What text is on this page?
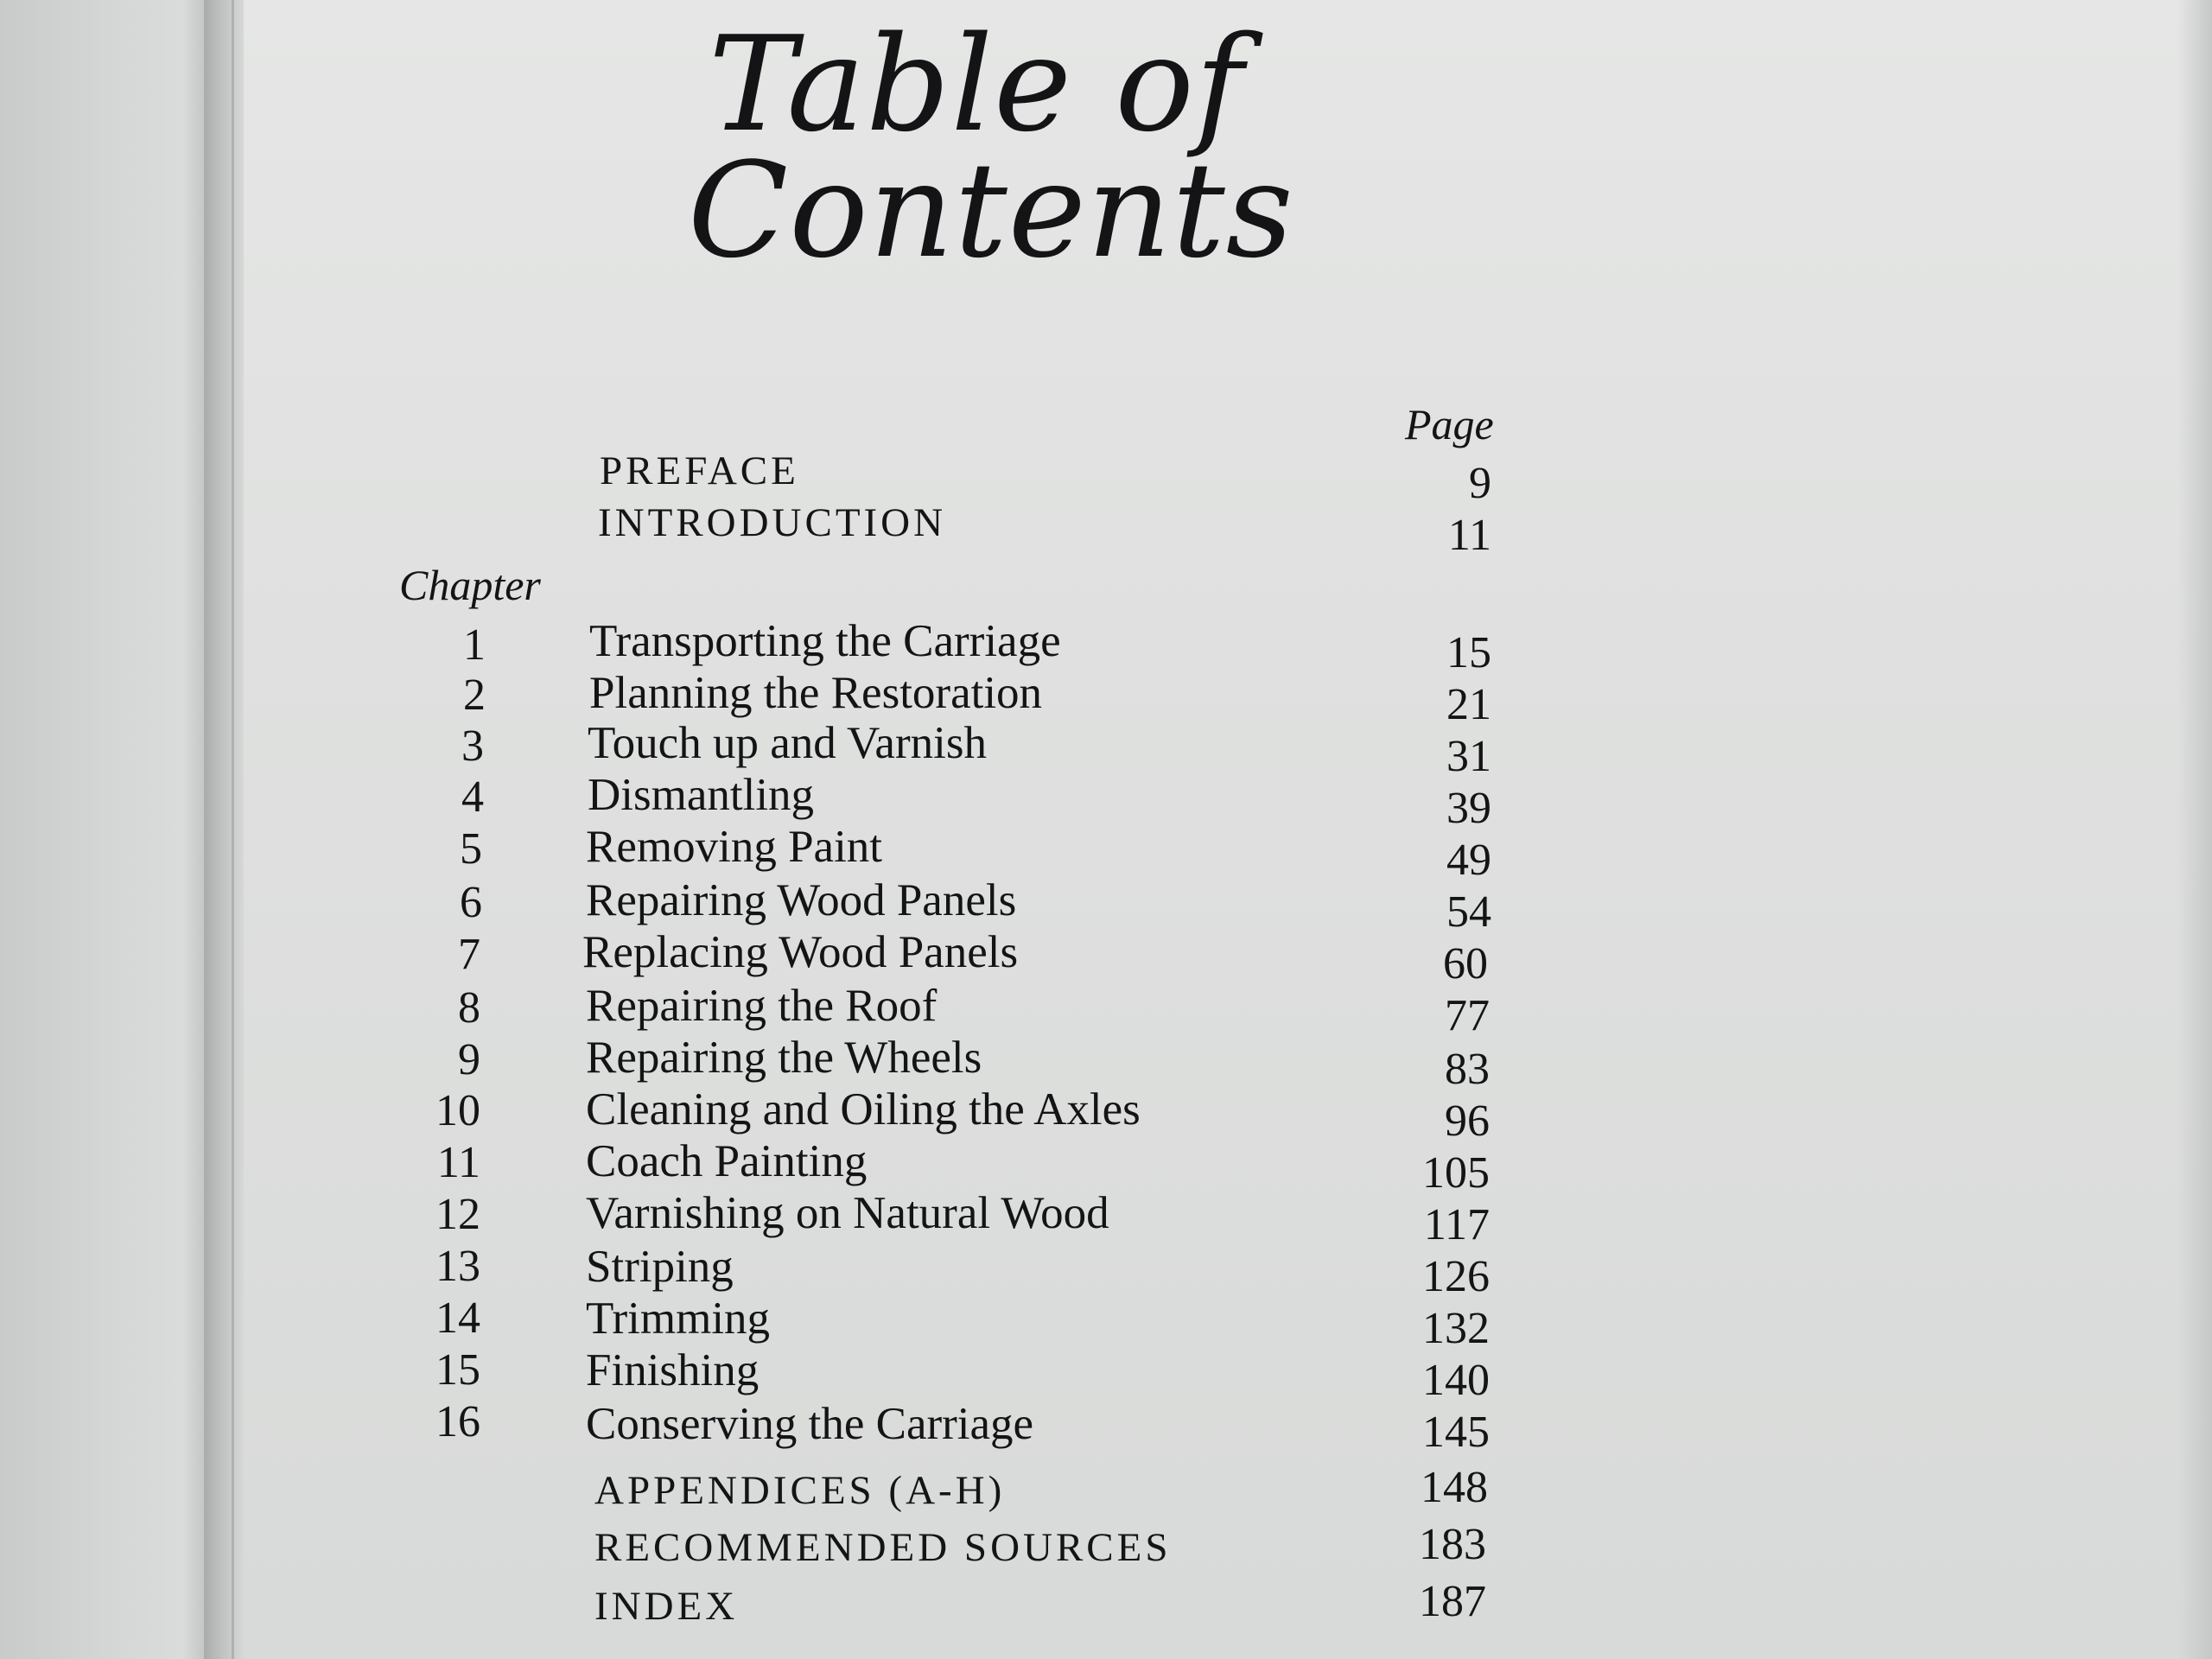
Table of
Contents
Page
Chapter
PREFACE	9
INTRODUCTION	11
1 Transporting the Carriage	15
2 Planning the Restoration	21
3 Touch up and Varnish	31
4 Dismantling	39
5 Removing Paint	49
6 Repairing Wood Panels	54
7 Replacing Wood Panels	60
8 Repairing the Roof	77
9 Repairing the Wheels	83
10 Cleaning and Oiling the Axles	96
11 Coach Painting	105
12 Varnishing on Natural Wood	117
13 Striping	126
14 Trimming	132
15 Finishing	140
16 Conserving the Carriage	145
APPENDICES (A-H)	148
RECOMMENDED SOURCES	183
INDEX	187
